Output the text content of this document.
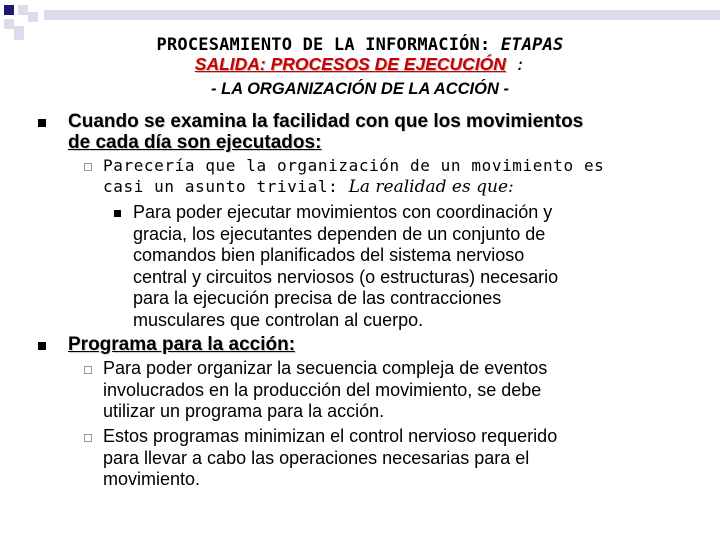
PROCESAMIENTO DE LA INFORMACIÓN: ETAPAS
SALIDA: PROCESOS DE EJECUCIÓN :
- LA ORGANIZACIÓN DE LA ACCIÓN -
Cuando se examina la facilidad con que los movimientos
de cada día son ejecutados:
Parecería que la organización de un movimiento es
casi un asunto trivial: La realidad es que:
Para poder ejecutar movimientos con coordinación y
gracia, los ejecutantes dependen de un conjunto de
comandos bien planificados del sistema nervioso
central y circuitos nerviosos (o estructuras) necesario
para la ejecución precisa de las contracciones
musculares que controlan al cuerpo.
Programa para la acción:
Para poder organizar la secuencia compleja de eventos
involucrados en la producción del movimiento, se debe
utilizar un programa para la acción.
Estos programas minimizan el control nervioso requerido
para llevar a cabo las operaciones necesarias para el
movimiento.
